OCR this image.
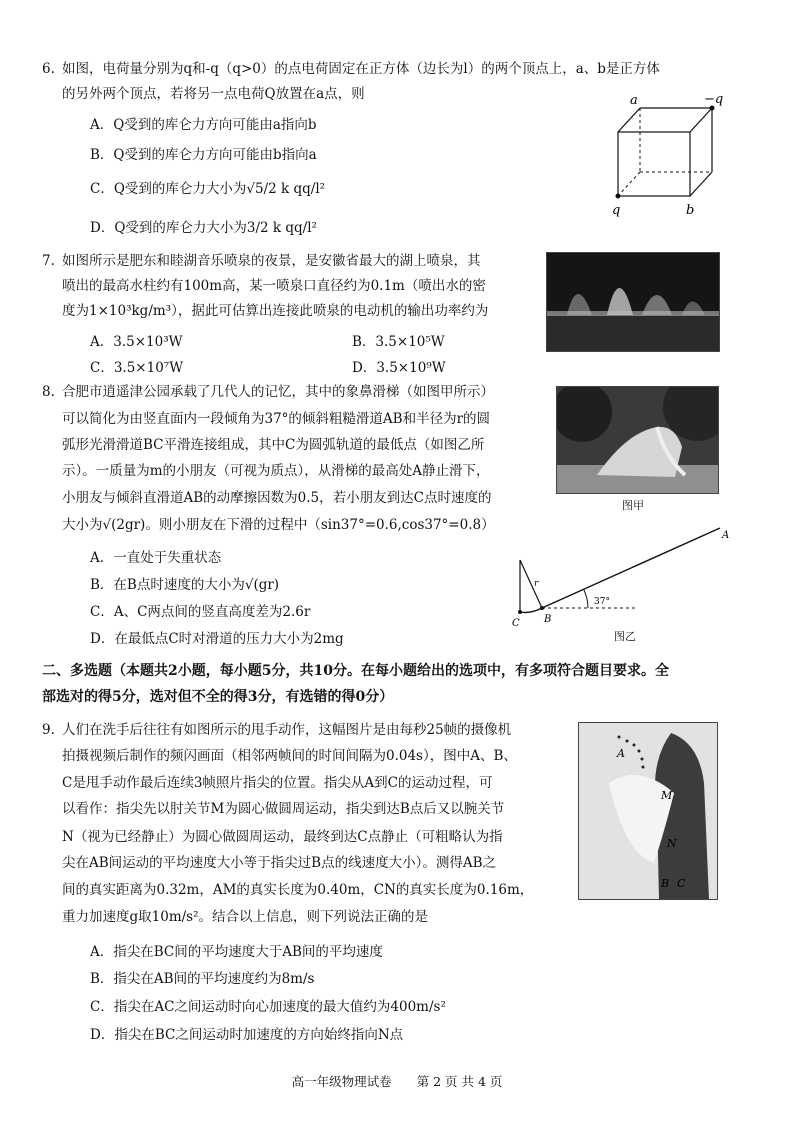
6. 如图，电荷量分别为q和-q（q>0）的点电荷固定在正方体（边长为l）的两个顶点上，a、b是正方体
的另外两个顶点，若将另一点电荷Q放置在a点，则
A．Q受到的库仑力方向可能由a指向b
B．Q受到的库仑力方向可能由b指向a
C．Q受到的库仑力大小为√5/2 k qq/l²
D．Q受到的库仑力大小为3/2 k qq/l²
a	−q
q	b
7. 如图所示是肥东和睦湖音乐喷泉的夜景，是安徽省最大的湖上喷泉，其
喷出的最高水柱约有100m高，某一喷泉口直径约为0.1m（喷出水的密
度为1×10³kg/m³），据此可估算出连接此喷泉的电动机的输出功率约为
A．3.5×10³W	B．3.5×10⁵W
C．3.5×10⁷W	D．3.5×10⁹W
8. 合肥市逍遥津公园承载了几代人的记忆，其中的象鼻滑梯（如图甲所示）
可以简化为由竖直面内一段倾角为37°的倾斜粗糙滑道AB和半径为r的圆
弧形光滑滑道BC平滑连接组成，其中C为圆弧轨道的最低点（如图乙所
示）。一质量为m的小朋友（可视为质点），从滑梯的最高处A静止滑下，
小朋友与倾斜直滑道AB的动摩擦因数为0.5，若小朋友到达C点时速度的
大小为√(2gr)。则小朋友在下滑的过程中（sin37°=0.6,cos37°=0.8）
A．一直处于失重状态
B．在B点时速度的大小为√(gr)
C．A、C两点间的竖直高度差为2.6r
D．在最低点C时对滑道的压力大小为2mg
图甲
r
C B
A
37°
图乙
二、多选题（本题共2小题，每小题5分，共10分。在每小题给出的选项中，有多项符合题目要求。全
部选对的得5分，选对但不全的得3分，有选错的得0分）
9. 人们在洗手后往往有如图所示的甩手动作，这幅图片是由每秒25帧的摄像机
拍摄视频后制作的频闪画面（相邻两帧间的时间间隔为0.04s），图中A、B、
C是甩手动作最后连续3帧照片指尖的位置。指尖从A到C的运动过程，可
以看作：指尖先以肘关节M为圆心做圆周运动，指尖到达B点后又以腕关节
N（视为已经静止）为圆心做圆周运动，最终到达C点静止（可粗略认为指
尖在AB间运动的平均速度大小等于指尖过B点的线速度大小）。测得AB之
间的真实距离为0.32m，AM的真实长度为0.40m，CN的真实长度为0.16m，
重力加速度g取10m/s²。结合以上信息，则下列说法正确的是
A．指尖在BC间的平均速度大于AB间的平均速度
B．指尖在AB间的平均速度约为8m/s
C．指尖在AC之间运动时向心加速度的最大值约为400m/s²
D．指尖在BC之间运动时加速度的方向始终指向N点
A
M
N
B C
高一年级物理试卷　　第 2 页 共 4 页
